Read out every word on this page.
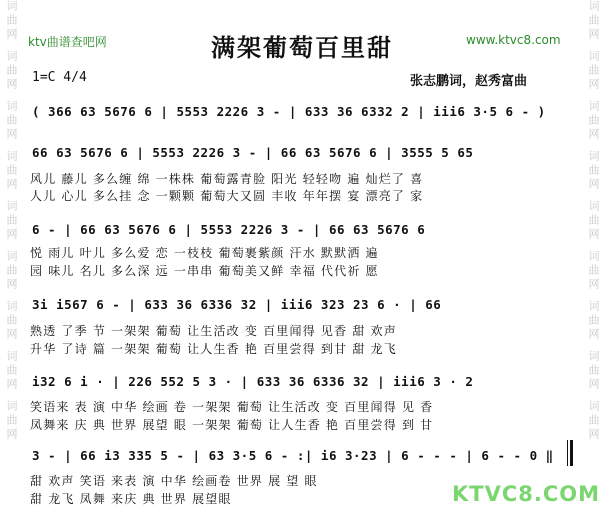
词曲网
词曲网
词曲网
词曲网
词曲网
词曲网
词曲网
词曲网
词曲网
词曲网
词曲网
词曲网
词曲网
词曲网
词曲网
词曲网
词曲网
词曲网
ktv曲谱查吧网	www.ktvc8.com
满架葡萄百里甜
1=C 4/4	张志鹏词，赵秀富曲
( 366 63 5676 6 | 5553 2226 3 - | 633 36 6332 2 | iii6 3·5 6 - )
66 63 5676 6 | 5553 2226 3 - | 66 63 5676 6 | 3555 5 65
风儿 藤儿 多么缠 绵 一株株 葡萄露青脸 阳光 轻轻吻 遍 灿烂了 喜
人儿 心儿 多么挂 念 一颗颗 葡萄大又圆 丰收 年年摆 宴 漂亮了 家
6 - | 66 63 5676 6 | 5553 2226 3 - | 66 63 5676 6
悦 雨儿 叶儿 多么爱 恋 一枝枝 葡萄裹紫颜 汗水 默默洒 遍
园 味儿 名儿 多么深 远 一串串 葡萄美又鲜 幸福 代代祈 愿
3i i567 6 - | 633 36 6336 32 | iii6 323 23 6 · | 66
熟透 了季 节 一架架 葡萄 让生活改 变 百里闻得 见香 甜 欢声
升华 了诗 篇 一架架 葡萄 让人生香 艳 百里尝得 到甘 甜 龙飞
i32 6 i · | 226 552 5 3 · | 633 36 6336 32 | iii6 3 · 2
笑语来 表 演 中华 绘画 卷 一架架 葡萄 让生活改 变 百里闻得 见 香
凤舞来 庆 典 世界 展望 眼 一架架 葡萄 让人生香 艳 百里尝得 到 甘
3 - | 66 i3 335 5 - | 63 3·5 6 - :| i6 3·23 | 6 - - - | 6 - - 0 ‖
甜 欢声 笑语 来表 演 中华 绘画卷 世界 展 望 眼
甜 龙飞 凤舞 来庆 典 世界 展望眼	KTVC8.COM
